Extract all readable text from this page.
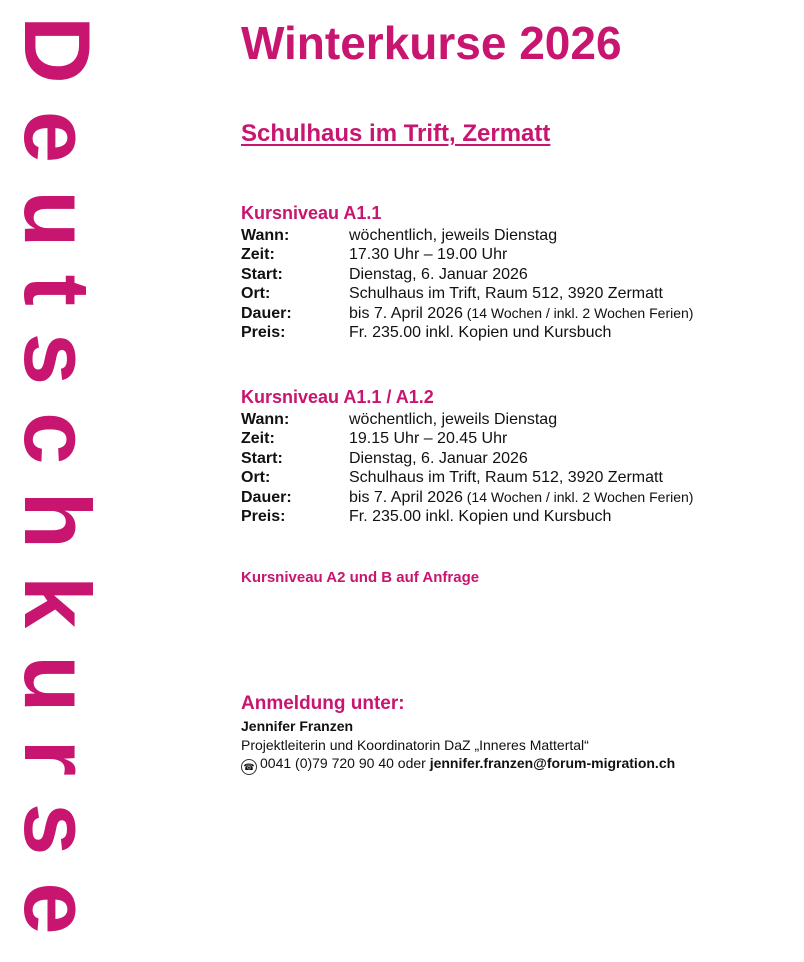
Deutschkurse	Winterkurse 2026
Schulhaus im Trift, Zermatt
Kursniveau A1.1
Wann:	wöchentlich, jeweils Dienstag
Zeit:	17.30 Uhr – 19.00 Uhr
Start:	Dienstag, 6. Januar 2026
Ort:	Schulhaus im Trift, Raum 512, 3920 Zermatt
Dauer:	bis 7. April 2026 (14 Wochen / inkl. 2 Wochen Ferien)
Preis:	Fr. 235.00 inkl. Kopien und Kursbuch
Kursniveau A1.1 / A1.2
Wann:	wöchentlich, jeweils Dienstag
Zeit:	19.15 Uhr – 20.45 Uhr
Start:	Dienstag, 6. Januar 2026
Ort:	Schulhaus im Trift, Raum 512, 3920 Zermatt
Dauer:	bis 7. April 2026 (14 Wochen / inkl. 2 Wochen Ferien)
Preis:	Fr. 235.00 inkl. Kopien und Kursbuch

Kursniveau A2 und B auf Anfrage

Anmeldung unter:
Jennifer Franzen
Projektleiterin und Koordinatorin DaZ „Inneres Mattertal“
☎ 0041 (0)79 720 90 40 oder jennifer.franzen@forum-migration.ch
